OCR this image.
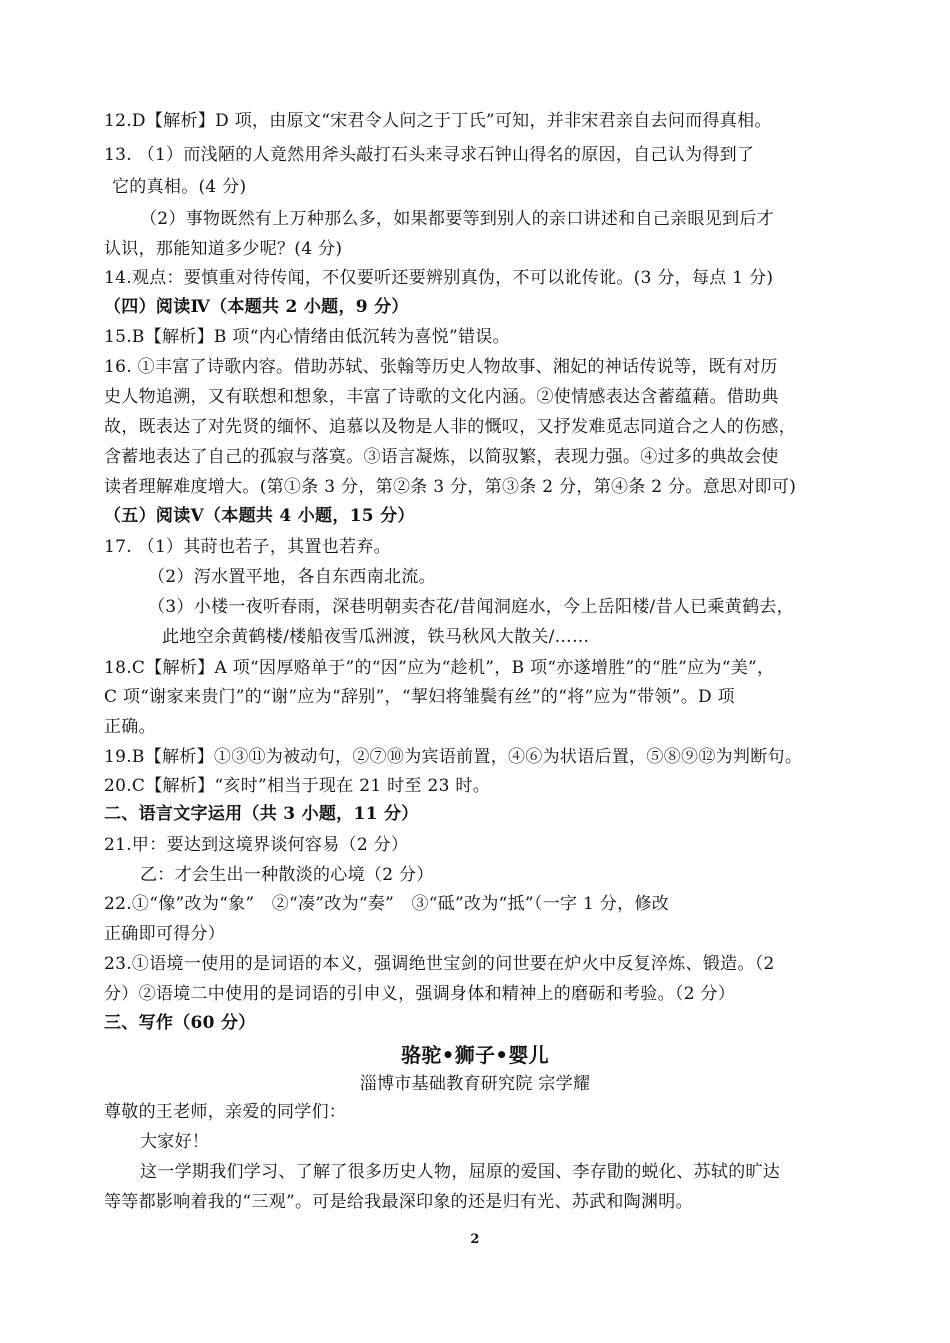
12.D【解析】D 项，由原文“宋君令人问之于丁氏”可知，并非宋君亲自去问而得真相。
13. （1）而浅陋的人竟然用斧头敲打石头来寻求石钟山得名的原因，自己认为得到了
它的真相。(4 分)
（2）事物既然有上万种那么多，如果都要等到别人的亲口讲述和自己亲眼见到后才
认识，那能知道多少呢？(4 分)
14.观点：要慎重对待传闻，不仅要听还要辨别真伪，不可以讹传讹。(3 分，每点 1 分)
（四）阅读Ⅳ（本题共 2 小题，9 分）
15.B【解析】B 项“内心情绪由低沉转为喜悦”错误。
16. ①丰富了诗歌内容。借助苏轼、张翰等历史人物故事、湘妃的神话传说等，既有对历
史人物追溯，又有联想和想象，丰富了诗歌的文化内涵。②使情感表达含蓄蕴藉。借助典
故，既表达了对先贤的缅怀、追慕以及物是人非的慨叹，又抒发难觅志同道合之人的伤感，
含蓄地表达了自己的孤寂与落寞。③语言凝炼，以简驭繁，表现力强。④过多的典故会使
读者理解难度增大。(第①条 3 分，第②条 3 分，第③条 2 分，第④条 2 分。意思对即可)
（五）阅读Ⅴ（本题共 4 小题，15 分）
17. （1）其莳也若子，其置也若弃。
（2）泻水置平地，各自东西南北流。
（3）小楼一夜听春雨，深巷明朝卖杏花/昔闻洞庭水，今上岳阳楼/昔人已乘黄鹤去，
此地空余黄鹤楼/楼船夜雪瓜洲渡，铁马秋风大散关/……
18.C【解析】A 项“因厚赂单于”的“因”应为“趁机”，B 项“亦遂增胜”的“胜”应为“美”，
C 项“谢家来贵门”的“谢”应为“辞别”，“挈妇将雏鬓有丝”的“将”应为“带领”。D 项
正确。
19.B【解析】①③⑪为被动句，②⑦⑩为宾语前置，④⑥为状语后置，⑤⑧⑨⑫为判断句。
20.C【解析】“亥时”相当于现在 21 时至 23 时。
二、语言文字运用（共 3 小题，11 分）
21.甲：要达到这境界谈何容易（2 分）
乙：才会生出一种散淡的心境（2 分）
22.①“像”改为“象”　②“凑”改为“奏”　③“砥”改为“抵”（一字 1 分，修改
正确即可得分）
23.①语境一使用的是词语的本义，强调绝世宝剑的问世要在炉火中反复淬炼、锻造。（2
分）②语境二中使用的是词语的引申义，强调身体和精神上的磨砺和考验。（2 分）
三、写作（60 分）
骆驼•狮子•婴儿
淄博市基础教育研究院 宗学耀
尊敬的王老师，亲爱的同学们：
大家好！
这一学期我们学习、了解了很多历史人物，屈原的爱国、李存勖的蜕化、苏轼的旷达
等等都影响着我的“三观”。可是给我最深印象的还是归有光、苏武和陶渊明。
2
